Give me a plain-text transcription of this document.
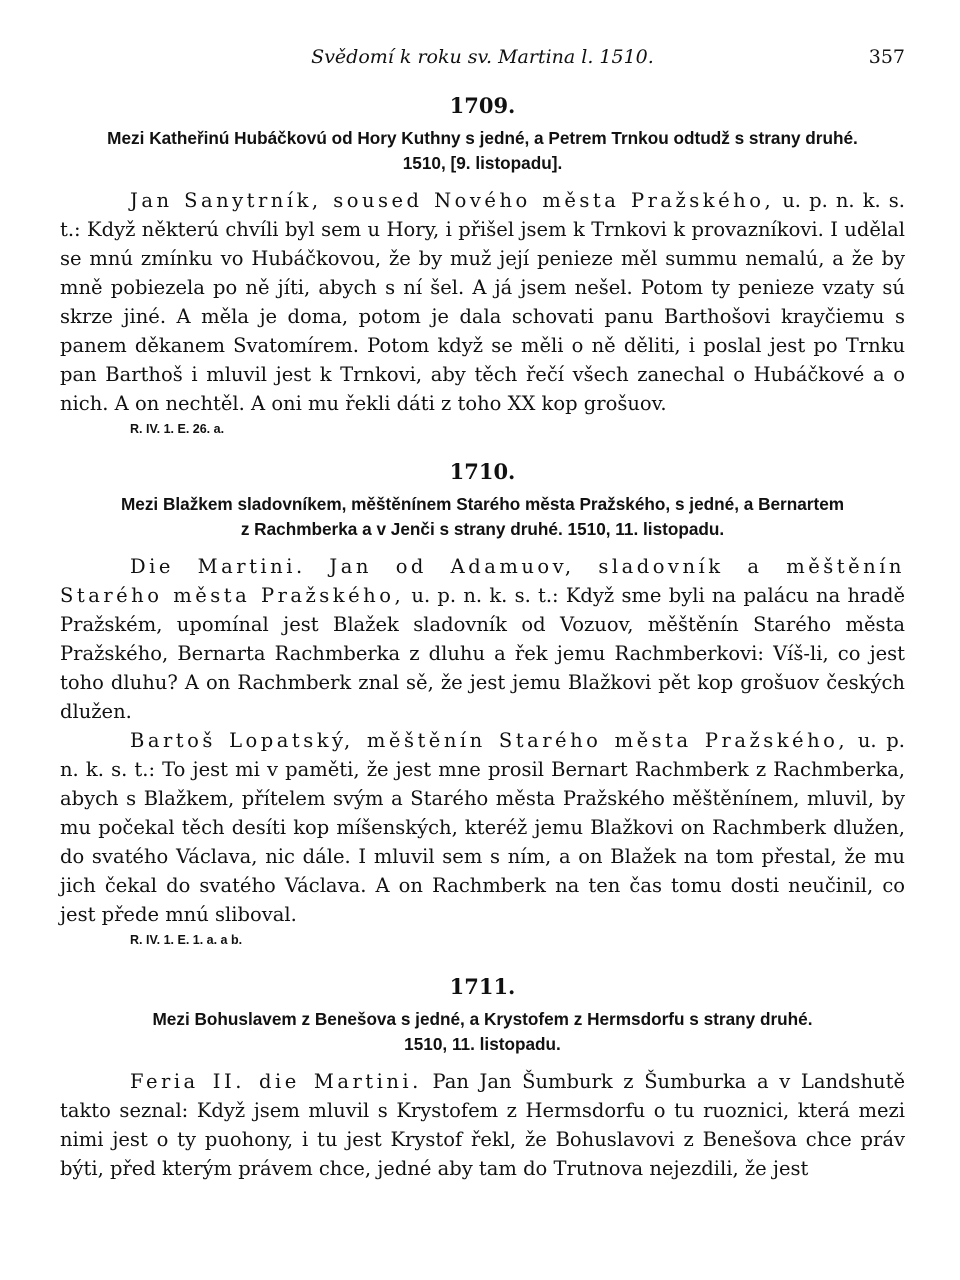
Svědomí k roku sv. Martina l. 1510.	357
1709.
Mezi Katheřinú Hubáčkovú od Hory Kuthny s jedné, a Petrem Trnkou odtudž s strany druhé.
1510, [9. listopadu].

Jan Sanytrník, soused Nového města Pražského, u. p. n. k. s. t.: Když některú chvíli byl sem u Hory, i přišel jsem k Trnkovi k provazníkovi. I udělal se mnú zmínku vo Hubáčkovou, že by muž její penieze měl summu nemalú, a že by mně pobiezela po ně jíti, abych s ní šel. A já jsem nešel. Potom ty penieze vzaty sú skrze jiné. A měla je doma, potom je dala schovati panu Barthošovi krayčiemu s panem děkanem Svatomírem. Potom když se měli o ně děliti, i poslal jest po Trnku pan Barthoš i mluvil jest k Trnkovi, aby těch řečí všech zanechal o Hubáčkové a o nich. A on nechtěl. A oni mu řekli dáti z toho XX kop grošuov.

R. IV. 1. E. 26. a.
1710.
Mezi Blažkem sladovníkem, měštěnínem Starého města Pražského, s jedné, a Bernartem
z Rachmberka a v Jenči s strany druhé. 1510, 11. listopadu.

Die Martini. Jan od Adamuov, sladovník a měštěnín Starého města Pražského, u. p. n. k. s. t.: Když sme byli na palácu na hradě Pražském, upomínal jest Blažek sladovník od Vozuov, měštěnín Starého města Pražského, Bernarta Rachmberka z dluhu a řek jemu Rachmberkovi: Víš-li, co jest toho dluhu? A on Rachmberk znal sě, že jest jemu Blažkovi pět kop grošuov českých dlužen.

Bartoš Lopatský, měštěnín Starého města Pražského, u. p. n. k. s. t.: To jest mi v paměti, že jest mne prosil Bernart Rachmberk z Rachmberka, abych s Blažkem, přítelem svým a Starého města Pražského měštěnínem, mluvil, by mu počekal těch desíti kop míšenských, kteréž jemu Blažkovi on Rachmberk dlužen, do svatého Václava, nic dále. I mluvil sem s ním, a on Blažek na tom přestal, že mu jich čekal do svatého Václava. A on Rachmberk na ten čas tomu dosti neučinil, co jest přede mnú sliboval.

R. IV. 1. E. 1. a. a b.
1711.
Mezi Bohuslavem z Benešova s jedné, a Krystofem z Hermsdorfu s strany druhé.
1510, 11. listopadu.

Feria II. die Martini. Pan Jan Šumburk z Šumburka a v Landshutě takto seznal: Když jsem mluvil s Krystofem z Hermsdorfu o tu ruoznici, která mezi nimi jest o ty puohony, i tu jest Krystof řekl, že Bohuslavovi z Benešova chce práv býti, před kterým právem chce, jedné aby tam do Trutnova nejezdili, že jest
